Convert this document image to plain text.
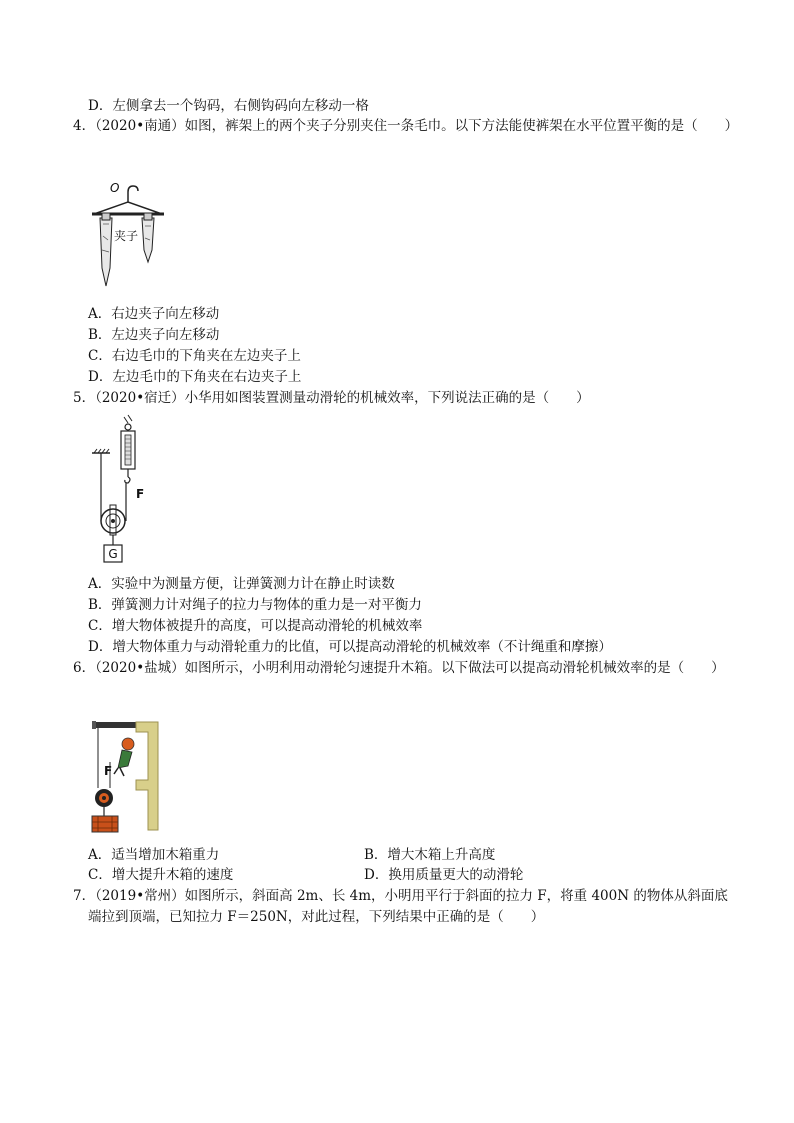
D．左侧拿去一个钩码，右侧钩码向左移动一格
4．（2020•南通）如图，裤架上的两个夹子分别夹住一条毛巾。以下方法能使裤架在水平位置平衡的是（　　）
O
夹子
A．右边夹子向左移动
B．左边夹子向左移动
C．右边毛巾的下角夹在左边夹子上
D．左边毛巾的下角夹在右边夹子上
5．（2020•宿迁）小华用如图装置测量动滑轮的机械效率，下列说法正确的是（　　）
F
G
A．实验中为测量方便，让弹簧测力计在静止时读数
B．弹簧测力计对绳子的拉力与物体的重力是一对平衡力
C．增大物体被提升的高度，可以提高动滑轮的机械效率
D．增大物体重力与动滑轮重力的比值，可以提高动滑轮的机械效率（不计绳重和摩擦）
6．（2020•盐城）如图所示，小明利用动滑轮匀速提升木箱。以下做法可以提高动滑轮机械效率的是（　　）
F
A．适当增加木箱重力	B．增大木箱上升高度
C．增大提升木箱的速度	D．换用质量更大的动滑轮
7．（2019•常州）如图所示，斜面高 2m、长 4m，小明用平行于斜面的拉力 F，将重 400N 的物体从斜面底
端拉到顶端，已知拉力 F＝250N，对此过程，下列结果中正确的是（　　）
